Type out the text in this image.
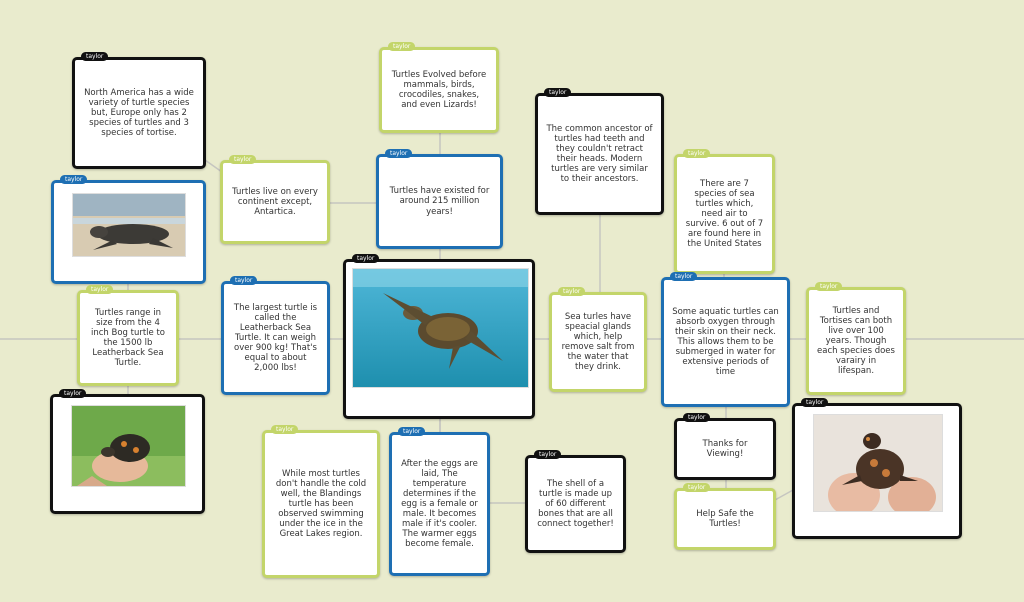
taylor
North America has a wide variety of turtle species but, Europe only has 2 species of turtles and 3 species of tortise.
taylor
Turtles Evolved before mammals, birds, crocodiles, snakes, and even Lizards!
taylor
The common ancestor of turtles had teeth and they couldn't retract their heads. Modern turtles are very similar to their ancestors.
taylor
taylor
Turtles live on every continent except, Antartica.
taylor
Turtles have existed for around 215 million years!
taylor
There are 7 species of sea turtles which, need air to survive. 6 out of 7 are found here in the United States
taylor
Turtles range in size from the 4 inch Bog turtle to the 1500 lb Leatherback Sea Turtle.
taylor
The largest turtle is called the Leatherback Sea Turtle. It can weigh over 900 kg! That's equal to about 2,000 lbs!
taylor
taylor
Sea turles have speacial glands which, help remove salt from the water that they drink.
taylor
Some aquatic turtles can absorb oxygen through their skin on their neck. This allows them to be submerged in water for extensive periods of time
taylor
Turtles and Tortises can both live over 100 years. Though each species does varairy in lifespan.
taylor
taylor
While most turtles don't handle the cold well, the Blandings turtle has been observed swimming under the ice in the Great Lakes region.
taylor
After the eggs are laid, The temperature determines if the egg is a female or male. It becomes male if it's cooler. The warmer eggs become female.
taylor
The shell of a turtle is made up of 60 different bones that are all connect together!
taylor
Thanks for Viewing!
taylor
Help Safe the Turtles!
taylor
